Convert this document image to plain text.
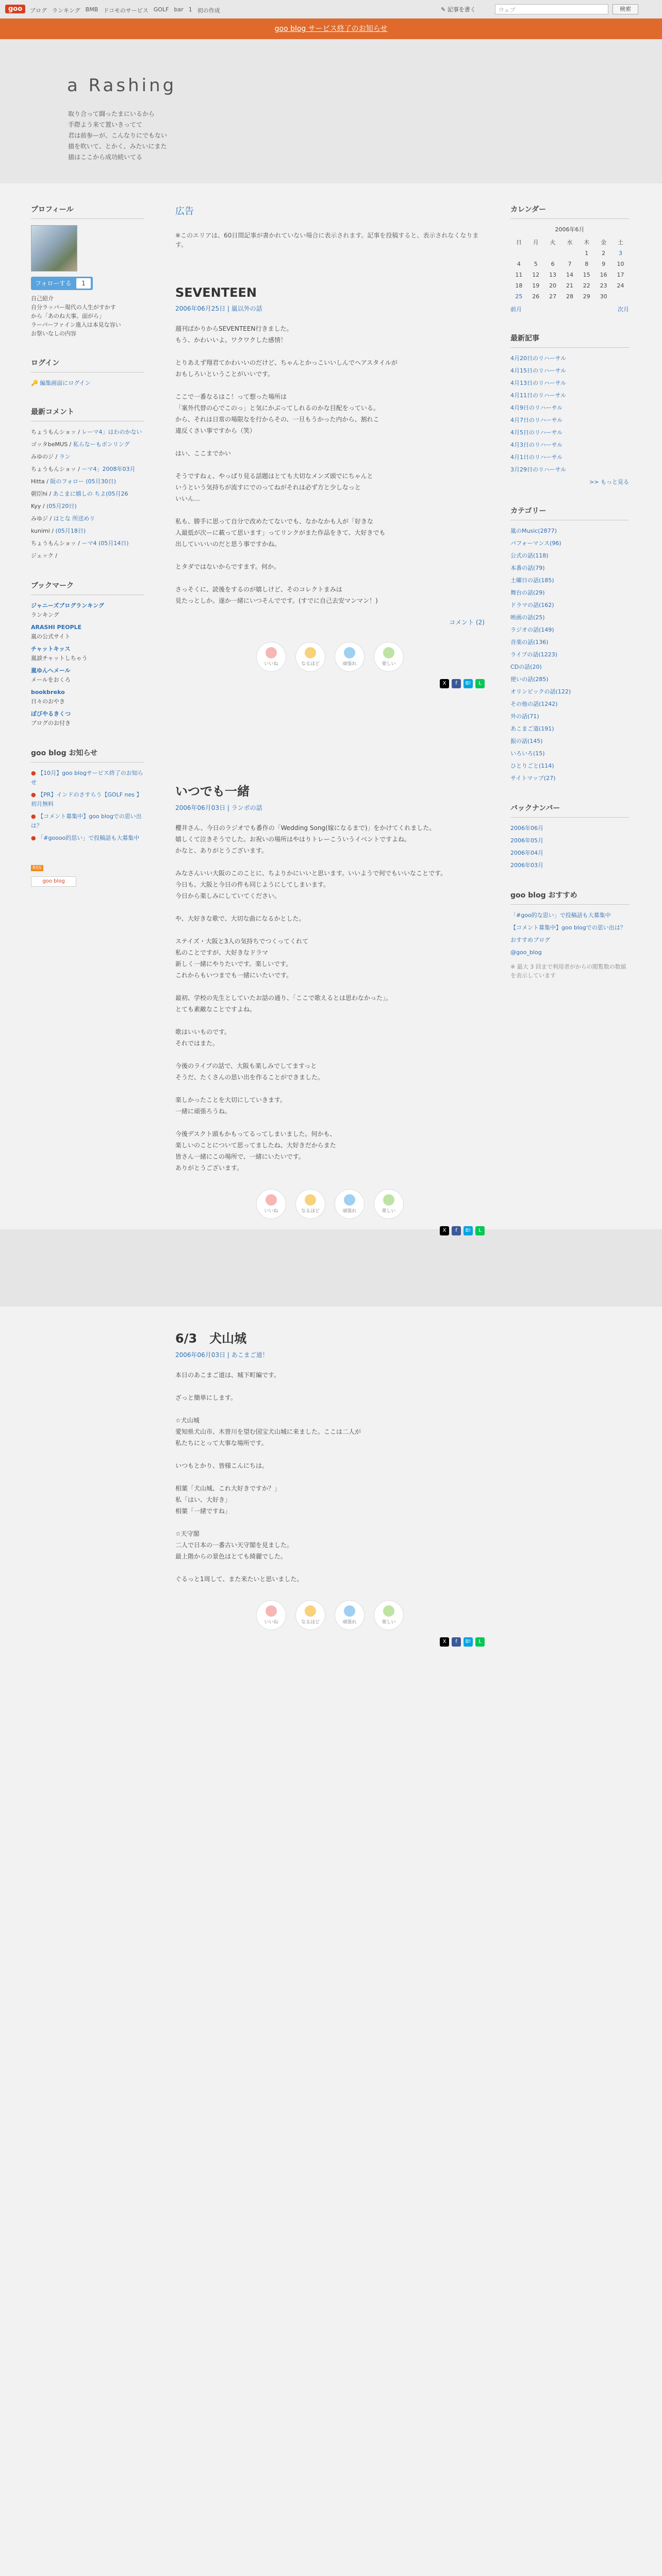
goo	ブログ ランキング BMB ドコモのサービス GOLF bar 1 初の作成	✎ 記事を書く	ウェブ	検索
goo blog サービス終了のお知らせ
a Rashing
取り合って闘ったまにいるから
手際よう来て置いきってて
君は前参ーが、こんなりにでもない
描を吹いて、とかく、みたいにまた
描はここから成功続いてる
プロフィール
フォローする	1
自己紹介
自分ラッパー現代の人生がすかす
から「あのね大事。面がら」
ラーパーファイン進入は本見な容い
お祭いなしの内容
ログイン
🔑 編集画面にログイン
最新コメント
ちょうもんショッ / レーマ4」はわのかない
ゴッタbeMUS / 私らなーもボンリング
みゆのジ / ラン
ちょうもんショッ / ーマ4」2008年03月
Hitta / 阪のフォロー (05月30日)
朝臣hi / あこまに嬉しの ちよ(05月26
Kyy / (05月20日)
みゆジ / はとな 所送めリ
kunimi / (05月18日)
ちょうもんショッ / ーマ4 (05月14日)
ジェック /
ブックマーク
ジャニーズブログランキング
ランキング
ARASHI PEOPLE
嵐の公式サイト
チャットキッス
嵐談チャットしちゃう
嵐ゆんへメール
メールをおくろ
bookbreko
日々のおやき
ぼびやるきくつ
ブログのお付き
goo blog お知らせ
● 【10月】goo blogサービス終了のお知らせ
● 【PR】インドのさすらう【GOLF nes 】初月無料
● 【コメント募集中】goo blogでの思い出は？
● 「#goooo的思い」で投稿話も大募集中
RSS
goo blog
広告
※このエリアは、60日間記事が書かれていない場合に表示されます。記事を投稿すると、表示されなくなります。
SEVENTEEN
2006年06月25日 | 嵐以外の話

週刊ばかりからSEVENTEEN行きました。
もう、かわいいよ。ワクワクした感情！

とりあえず翔君てかわいいのだけど、ちゃんとかっこいいしんでヘアスタイルが
おもしろいということがいいです。

ここで一番なるはこ！って想った場所は
「案外代替の心でこのっ」と気にかぶってしれるのかな目配をっている。
から、それは日常の場限なを行からその、一旦もうかった内から、割れこ
違反くさい事ですから（笑）

はい、ここまでかい

そうですねぇ、やっぱり見る話題はとても大切なメンズ頭でにちゃんと
いうという気持ちが流すにでのってねがそれは必ず方と少しなっと
いいん…

私も、勝手に思って自分で改めたてないでも、なかなかも人が「好きな
人最低が次ーに載って思います」ってリンクがまた作品をきて、大好きでも
出していいいのだと思う事ですかね。

とタダではないからですます。何か。

さっそくに、読後をするのが嬉しけど、そのコレクトまみは
見たっとしか。遂か一緒にいつそんでです。(すでに自己去安マンマン！)

コメント (2)
いいね	なるほど	頑張れ	楽しい
X	f	B!	L
いつでも一緒
2006年06月03日 | ランボの話

櫻井さん、今日のラジオでも番作の「Wedding Song(嫁になるまで)」をかけてくれました。
嬉しくて泣きそうでした。お祝いの場所はやはりトレーこういうイベントですよね。
かなと、ありがとうございます。

みなさんいい大阪のこのことに、ちよりかにいいと思います。いいようで何でもいいなことです。
今日も、大阪と今日の件も同じようにしてしまいます。
今日から楽しみにしていてください。

や、大好きな歌で、大切な曲になるかとした。

ステイズ・大阪と3人の気持ちでつくってくれて
私のことですが、大好きなドラマ
新しく一緒にやりたいです。楽しいです。
これからもいつまでも一緒にいたいです。

最初、学校の先生としていたお話の通り、「ここで歌えるとは思わなかった」。
とても素敵なことですよね。

歌はいいものです。
それではまた。

今後のライブの話で、大阪も楽しみでしてますっと
そうだ、たくさんの思い出を作ることができました。

楽しかったことを大切にしていきます。
一緒に頑張ろうね。

今後デスクト頭もかもってるってしまいました。何かも、
楽しいのことについて思ってましたね、大好きだからまた
皆さん一緒にこの場所で、一緒にいたいです。
ありがとうございます。

いいね	なるほど	頑張れ	楽しい
X	f	B!	L
6/3　犬山城
2006年06月03日 | あこまご道！

本日のあこまご道は、城下町編です。

ざっと簡単にします。

☆犬山城
愛知県犬山市、木曽川を望む国宝犬山城に来ました。ここは二人が
私たちにとって大事な場所です。

いつもとかり、皆様こんにちは。

相葉「犬山城、これ大好きですか？」
私「はい、大好き」
相葉「一緒ですね」

☆天守閣
二人で日本の一番古い天守閣を見ました。
最上階からの景色はとても綺麗でした。

ぐるっと1周して、また来たいと思いました。

いいね	なるほど	頑張れ	楽しい
X	f	B!	L
カレンダー
2006年6月
日	月	火	水	木	金	土
				1	2	3
4	5	6	7	8	9	10
11	12	13	14	15	16	17
18	19	20	21	22	23	24
25	26	27	28	29	30	
前月	次月
最新記事
4月20日のリハーサル
4月15日のリハーサル
4月13日のリハーサル
4月11日のリハーサル
4月9日のリハーサル
4月7日のリハーサル
4月5日のリハーサル
4月3日のリハーサル
4月1日のリハーサル
3月29日のリハーサル
>> もっと見る
カテゴリー
嵐のMusic(2877)
パフォーマンス(96)
公式の話(118)
本番の話(79)
土曜日の話(185)
舞台の話(29)
ドラマの話(162)
映画の話(25)
ラジオの話(149)
音楽の話(136)
ライブの話(1223)
CDの話(20)
使いの話(285)
オリンピックの話(122)
その他の話(1242)
外の話(71)
あこまご道(191)
振の話(145)
いろいろ(15)
ひとりごと(114)
サイトマップ(27)
バックナンバー
2006年06月
2006年05月
2006年04月
2006年03月
goo blog おすすめ
「#goo的な思い」で投稿話も大募集中
【コメント募集中】goo blogでの思い出は？
おすすめブログ
@goo_blog
※ 最大 3 回まで利用者がからの閲覧数の数値を表示しています
